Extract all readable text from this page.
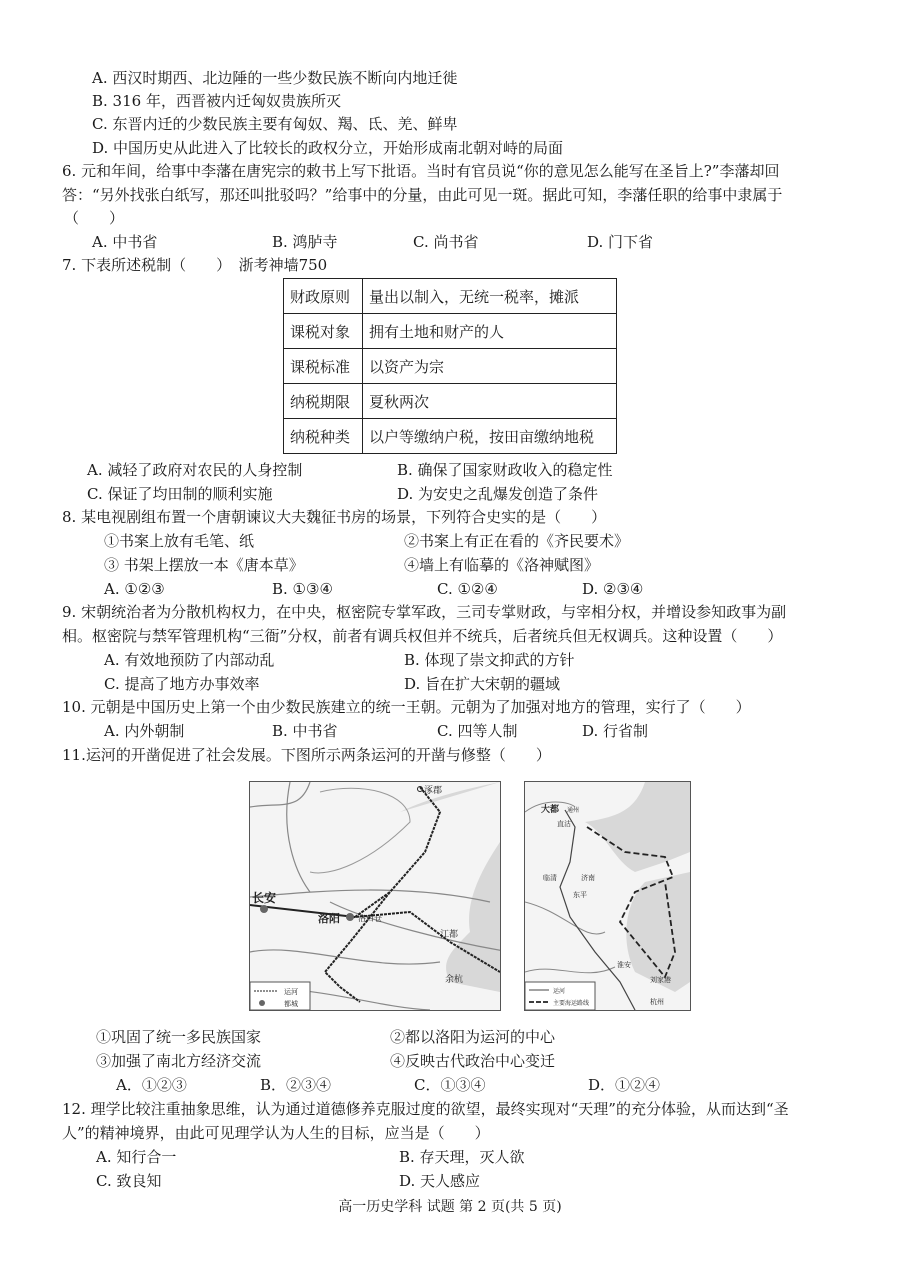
A. 西汉时期西、北边陲的一些少数民族不断向内地迁徙
B. 316 年，西晋被内迁匈奴贵族所灭
C. 东晋内迁的少数民族主要有匈奴、羯、氐、羌、鲜卑
D. 中国历史从此进入了比较长的政权分立，开始形成南北朝对峙的局面
6. 元和年间，给事中李藩在唐宪宗的敕书上写下批语。当时有官员说“你的意见怎么能写在圣旨上?”李藩却回
答：“另外找张白纸写，那还叫批驳吗？”给事中的分量，由此可见一斑。据此可知，李藩任职的给事中隶属于
（　　）
A. 中书省	B. 鸿胪寺	C. 尚书省	D. 门下省
7. 下表所述税制（　　）　浙考神墙750
财政原则	量出以制入，无统一税率，摊派
课税对象	拥有土地和财产的人
课税标准	以资产为宗
纳税期限	夏秋两次
纳税种类	以户等缴纳户税，按田亩缴纳地税
A. 减轻了政府对农民的人身控制	B. 确保了国家财政收入的稳定性
C. 保证了均田制的顺利实施	D. 为安史之乱爆发创造了条件
8. 某电视剧组布置一个唐朝谏议大夫魏征书房的场景，下列符合史实的是（　　）
①书案上放有毛笔、纸	②书案上有正在看的《齐民要术》
③ 书架上摆放一本《唐本草》	④墙上有临摹的《洛神赋图》
A. ①②③	B. ①③④	C. ①②④	D. ②③④
9. 宋朝统治者为分散机构权力，在中央，枢密院专掌军政，三司专掌财政，与宰相分权，并增设参知政事为副
相。枢密院与禁军管理机构“三衙”分权，前者有调兵权但并不统兵，后者统兵但无权调兵。这种设置（　　）
A. 有效地预防了内部动乱	B. 体现了崇文抑武的方针
C. 提高了地方办事效率	D. 旨在扩大宋朝的疆域
10. 元朝是中国历史上第一个由少数民族建立的统一王朝。元朝为了加强对地方的管理，实行了（　　）
A. 内外朝制	B. 中书省	C. 四等人制	D. 行省制
11.运河的开凿促进了社会发展。下图所示两条运河的开凿与修整（　　）
涿郡
长安
洛阳 洛口仓
江都
余杭
运河
都城
大都 通州
直沽
临清	济南
东平
淮安
刘家港
杭州
运河
主要海运路线
①巩固了统一多民族国家	②都以洛阳为运河的中心
③加强了南北方经济交流	④反映古代政治中心变迁
A．①②③	B．②③④	C．①③④	D．①②④
12. 理学比较注重抽象思维，认为通过道德修养克服过度的欲望，最终实现对“天理”的充分体验，从而达到“圣
人”的精神境界，由此可见理学认为人生的目标，应当是（　　）
A. 知行合一	B. 存天理，灭人欲
C. 致良知	D. 天人感应
高一历史学科 试题 第 2 页(共 5 页)
